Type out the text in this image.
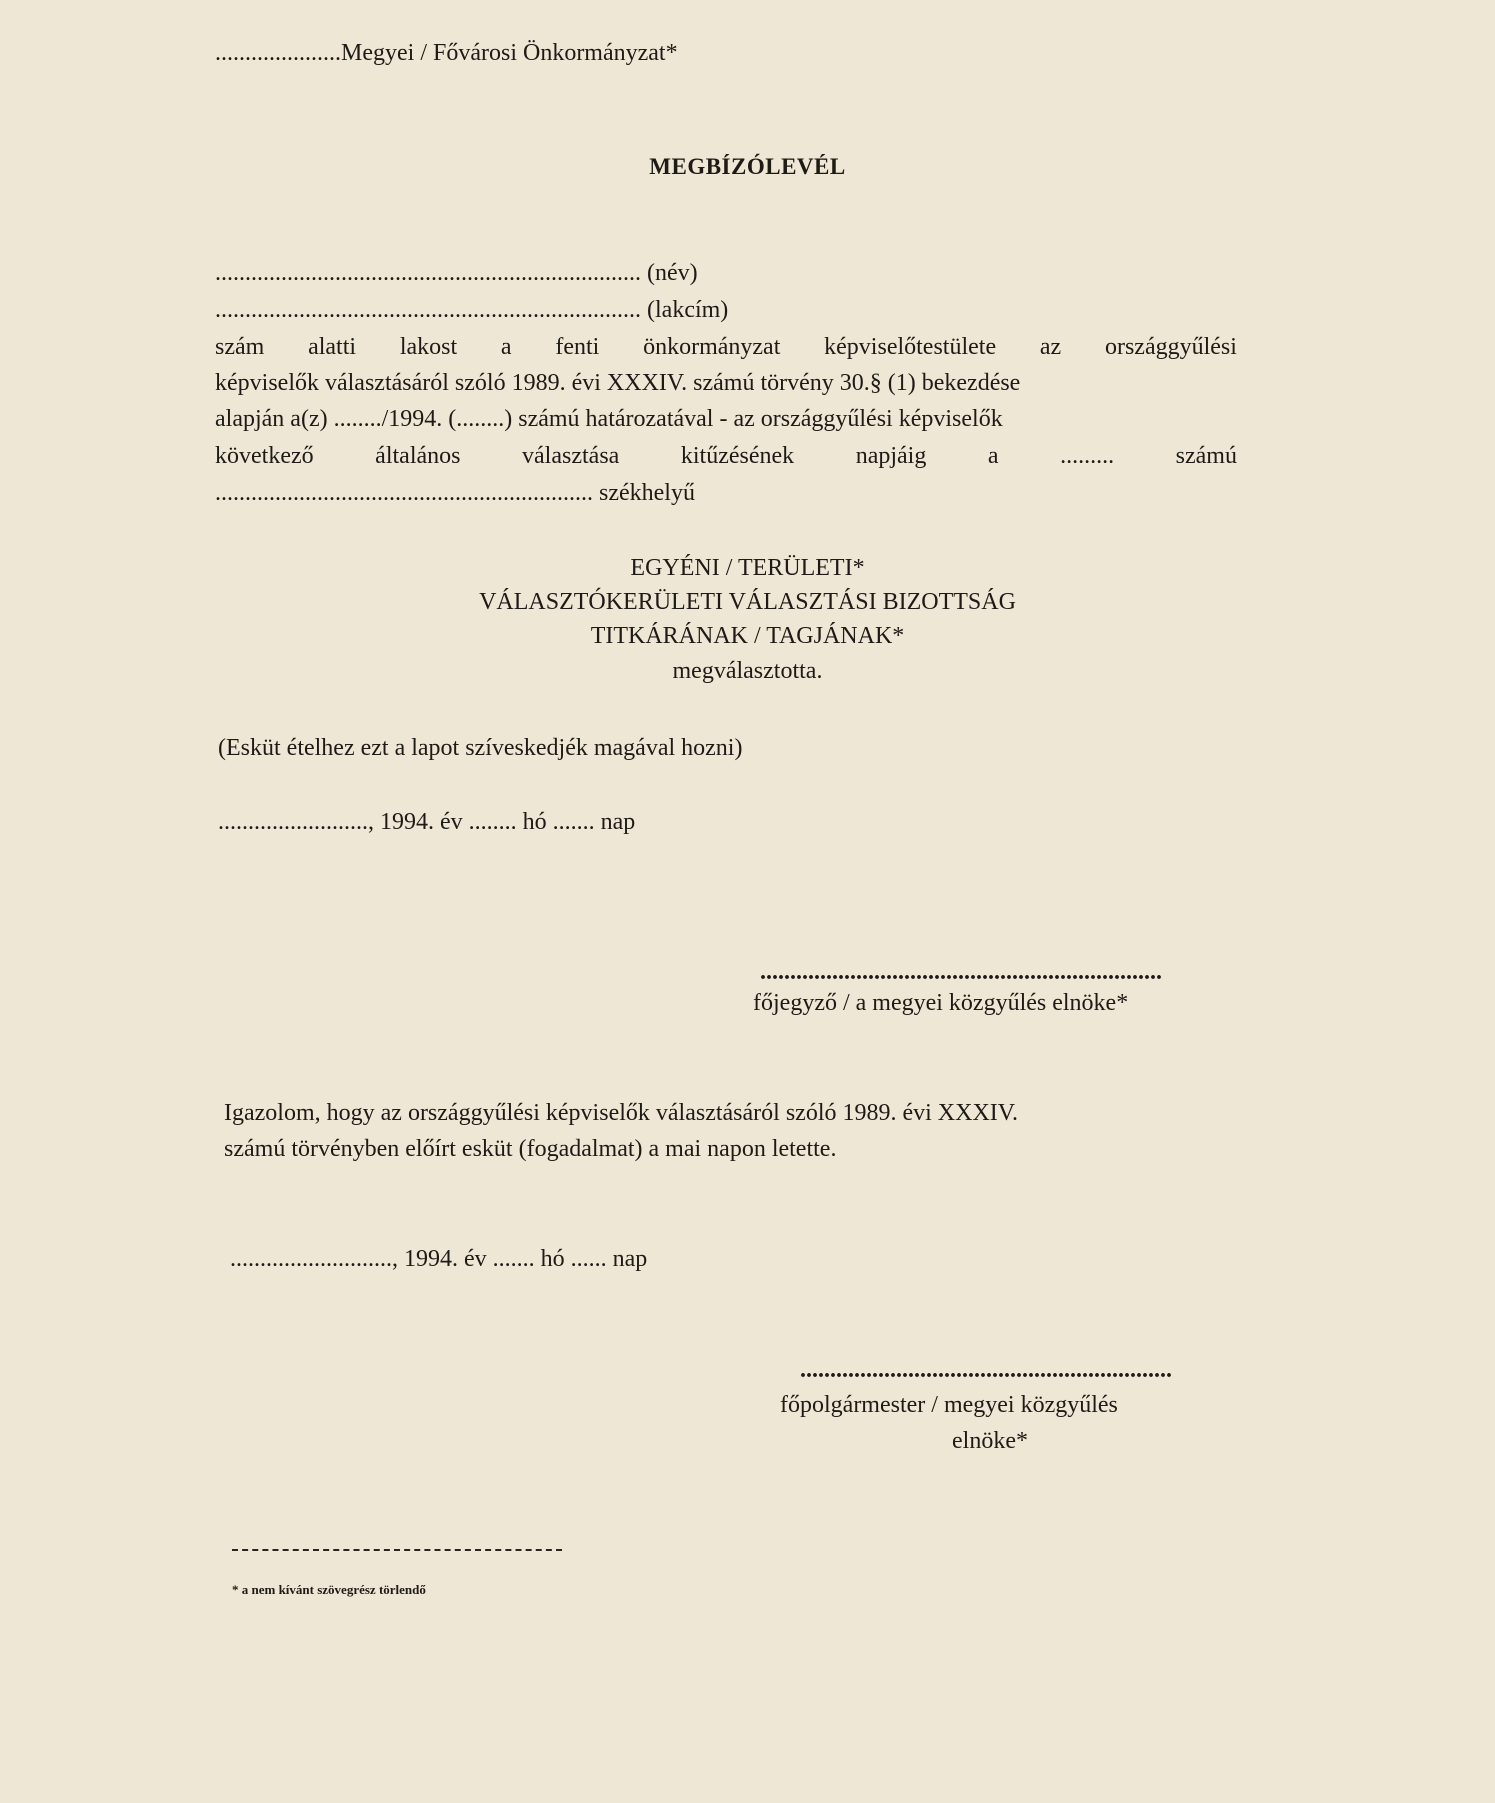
.....................Megyei / Fővárosi Önkormányzat*
MEGBÍZÓLEVÉL
....................................................................... (név)
....................................................................... (lakcím)
szám alatti lakost a fenti önkormányzat képviselőtestülete az országgyűlési
képviselők választásáról szóló 1989. évi XXXIV. számú törvény 30.§ (1) bekezdése
alapján a(z) ......../1994. (........) számú határozatával - az országgyűlési képviselők
következő	általános	választása	kitűzésének	napjáig	a	.........	számú
............................................................... székhelyű
EGYÉNI / TERÜLETI*
VÁLASZTÓKERÜLETI VÁLASZTÁSI BIZOTTSÁG
TITKÁRÁNAK / TAGJÁNAK*
megválasztotta.
(Esküt ételhez ezt a lapot szíveskedjék magával hozni)
........................., 1994. év ........ hó ....... nap
...................................................................
főjegyző / a megyei közgyűlés elnöke*
Igazolom, hogy az országgyűlési képviselők választásáról szóló 1989. évi XXXIV.
számú törvényben előírt esküt (fogadalmat) a mai napon letette.
..........................., 1994. év ....... hó ...... nap
..............................................................
főpolgármester / megyei közgyűlés
elnöke*
* a nem kívánt szövegrész törlendő
